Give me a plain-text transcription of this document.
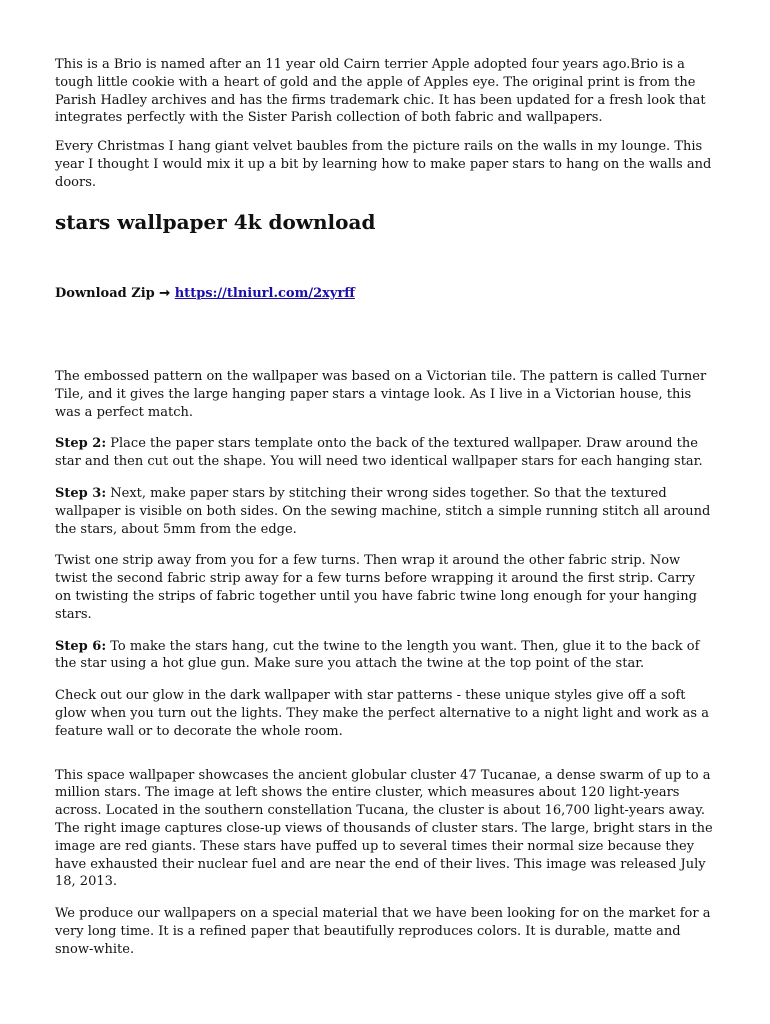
This is a Brio is named after an 11 year old Cairn terrier Apple adopted four years ago.Brio is a tough little cookie with a heart of gold and the apple of Apples eye. The original print is from the Parish Hadley archives and has the firms trademark chic. It has been updated for a fresh look that integrates perfectly with the Sister Parish collection of both fabric and wallpapers.

Every Christmas I hang giant velvet baubles from the picture rails on the walls in my lounge. This year I thought I would mix it up a bit by learning how to make paper stars to hang on the walls and doors.

stars wallpaper 4k download
Download Zip ➞ https://tlniurl.com/2xyrff

The embossed pattern on the wallpaper was based on a Victorian tile. The pattern is called Turner Tile, and it gives the large hanging paper stars a vintage look. As I live in a Victorian house, this was a perfect match.

Step 2: Place the paper stars template onto the back of the textured wallpaper. Draw around the star and then cut out the shape. You will need two identical wallpaper stars for each hanging star.

Step 3: Next, make paper stars by stitching their wrong sides together. So that the textured wallpaper is visible on both sides. On the sewing machine, stitch a simple running stitch all around the stars, about 5mm from the edge.

Twist one strip away from you for a few turns. Then wrap it around the other fabric strip. Now twist the second fabric strip away for a few turns before wrapping it around the first strip. Carry on twisting the strips of fabric together until you have fabric twine long enough for your hanging stars.

Step 6: To make the stars hang, cut the twine to the length you want. Then, glue it to the back of the star using a hot glue gun. Make sure you attach the twine at the top point of the star.

Check out our glow in the dark wallpaper with star patterns - these unique styles give off a soft glow when you turn out the lights. They make the perfect alternative to a night light and work as a feature wall or to decorate the whole room.

This space wallpaper showcases the ancient globular cluster 47 Tucanae, a dense swarm of up to a million stars. The image at left shows the entire cluster, which measures about 120 light-years across. Located in the southern constellation Tucana, the cluster is about 16,700 light-years away. The right image captures close-up views of thousands of cluster stars. The large, bright stars in the image are red giants. These stars have puffed up to several times their normal size because they have exhausted their nuclear fuel and are near the end of their lives. This image was released July 18, 2013.

We produce our wallpapers on a special material that we have been looking for on the market for a very long time. It is a refined paper that beautifully reproduces colors. It is durable, matte and snow-white.
